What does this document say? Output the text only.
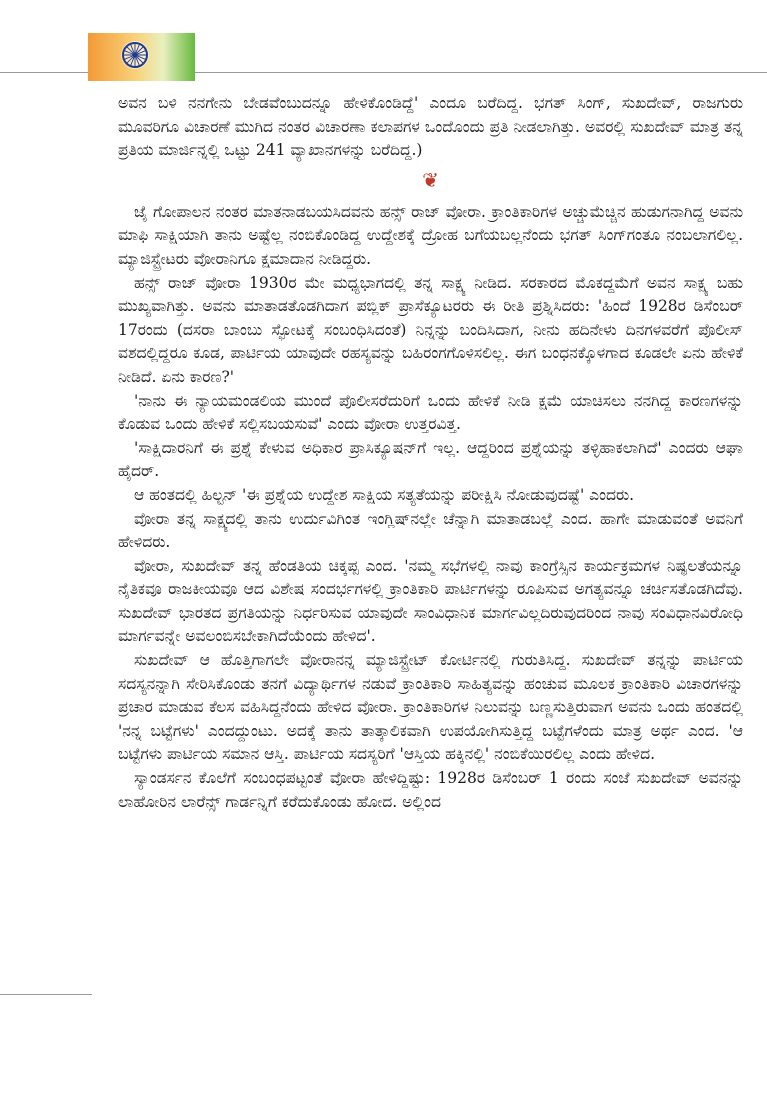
ಅವನ ಬಳಿ ನನಗೇನು ಬೇಡವೆಂಬುದನ್ನೂ ಹೇಳಿಕೊಂಡಿದ್ದೆ' ಎಂದೂ ಬರೆದಿದ್ದ. ಭಗತ್ ಸಿಂಗ್, ಸುಖದೇವ್, ರಾಜಗುರು ಮೂವರಿಗೂ ವಿಚಾರಣೆ ಮುಗಿದ ನಂತರ ವಿಚಾರಣಾ ಕಲಾಪಗಳ ಒಂದೊಂದು ಪ್ರತಿ ನೀಡಲಾಗಿತ್ತು. ಅವರಲ್ಲಿ ಸುಖದೇವ್ ಮಾತ್ರ ತನ್ನ ಪ್ರತಿಯ ಮಾರ್ಜಿನ್ನಲ್ಲಿ ಒಟ್ಟು 241 ವ್ಯಾಖಾನಗಳನ್ನು ಬರೆದಿದ್ದ.)

❦

ಜೈ ಗೋಪಾಲನ ನಂತರ ಮಾತನಾಡಬಯಸಿದವನು ಹನ್ಸ್ ರಾಜ್ ವೋರಾ. ಕ್ರಾಂತಿಕಾರಿಗಳ ಅಚ್ಚುಮೆಚ್ಚಿನ ಹುಡುಗನಾಗಿದ್ದ ಅವನು ಮಾಫಿ ಸಾಕ್ಷಿಯಾಗಿ ತಾನು ಅಷ್ಟೆಲ್ಲ ನಂಬಿಕೊಂಡಿದ್ದ ಉದ್ದೇಶಕ್ಕೆ ದ್ರೋಹ ಬಗೆಯಬಲ್ಲನೆಂದು ಭಗತ್ ಸಿಂಗ್‌ಗಂತೂ ನಂಬಲಾಗಲಿಲ್ಲ. ಮ್ಯಾಜಿಸ್ಟ್ರೇಟರು ವೋರಾನಿಗೂ ಕ್ಷಮಾದಾನ ನೀಡಿದ್ದರು.

ಹನ್ಸ್ ರಾಜ್ ವೋರಾ 1930ರ ಮೇ ಮಧ್ಯಭಾಗದಲ್ಲಿ ತನ್ನ ಸಾಕ್ಷ್ಯ ನೀಡಿದ. ಸರಕಾರದ ಮೊಕದ್ದಮೆಗೆ ಅವನ ಸಾಕ್ಷ್ಯ ಬಹು ಮುಖ್ಯವಾಗಿತ್ತು. ಅವನು ಮಾತಾಡತೊಡಗಿದಾಗ ಪಬ್ಲಿಕ್ ಪ್ರಾಸೆಕ್ಯೂಟರರು ಈ ರೀತಿ ಪ್ರಶ್ನಿಸಿದರು: 'ಹಿಂದೆ 1928ರ ಡಿಸೆಂಬರ್ 17ರಂದು (ದಸರಾ ಬಾಂಬು ಸ್ಫೋಟಕ್ಕೆ ಸಂಬಂಧಿಸಿದಂತೆ) ನಿನ್ನನ್ನು ಬಂದಿಸಿದಾಗ, ನೀನು ಹದಿನೇಳು ದಿನಗಳವರೆಗೆ ಪೊಲೀಸ್ ವಶದಲ್ಲಿದ್ದರೂ ಕೂಡ, ಪಾರ್ಟಿಯ ಯಾವುದೇ ರಹಸ್ಯವನ್ನು ಬಹಿರಂಗಗೊಳಿಸಲಿಲ್ಲ. ಈಗ ಬಂಧನಕ್ಕೊಳಗಾದ ಕೂಡಲೇ ಏನು ಹೇಳಿಕೆ ನೀಡಿದೆ. ಏನು ಕಾರಣ?'

'ನಾನು ಈ ನ್ಯಾಯಮಂಡಲಿಯ ಮುಂದೆ ಪೊಲೀಸರೆದುರಿಗೆ ಒಂದು ಹೇಳಿಕೆ ನೀಡಿ ಕ್ಷಮೆ ಯಾಚಿಸಲು ನನಗಿದ್ದ ಕಾರಣಗಳನ್ನು ಕೊಡುವ ಒಂದು ಹೇಳಿಕೆ ಸಲ್ಲಿಸಬಯಸುವೆ' ಎಂದು ವೋರಾ ಉತ್ತರವಿತ್ತ.

'ಸಾಕ್ಷಿದಾರನಿಗೆ ಈ ಪ್ರಶ್ನೆ ಕೇಳುವ ಅಧಿಕಾರ ಪ್ರಾಸಿಕ್ಯೂಷನ್‌ಗೆ ಇಲ್ಲ. ಆದ್ದರಿಂದ ಪ್ರಶ್ನೆಯನ್ನು ತಳ್ಳಿಹಾಕಲಾಗಿದೆ' ಎಂದರು ಆಘಾ ಹೈದರ್.

ಆ ಹಂತದಲ್ಲಿ ಹಿಲ್ಟನ್ 'ಈ ಪ್ರಶ್ನೆಯ ಉದ್ದೇಶ ಸಾಕ್ಷಿಯ ಸತ್ಯತೆಯನ್ನು ಪರೀಕ್ಷಿಸಿ ನೋಡುವುದಷ್ಟೆ' ಎಂದರು.

ವೋರಾ ತನ್ನ ಸಾಕ್ಷ್ಯದಲ್ಲಿ ತಾನು ಉರ್ದುವಿಗಿಂತ ಇಂಗ್ಲಿಷ್‌ನಲ್ಲೇ ಚೆನ್ನಾಗಿ ಮಾತಾಡಬಲ್ಲೆ ಎಂದ. ಹಾಗೇ ಮಾಡುವಂತೆ ಅವನಿಗೆ ಹೇಳಿದರು.

ವೋರಾ, ಸುಖದೇವ್ ತನ್ನ ಹೆಂಡತಿಯ ಚಿಕ್ಕಪ್ಪ ಎಂದ. 'ನಮ್ಮ ಸಭೆಗಳಲ್ಲಿ ನಾವು ಕಾಂಗ್ರೆಸ್ಸಿನ ಕಾರ್ಯಕ್ರಮಗಳ ನಿಷ್ಫಲತೆಯನ್ನೂ ನೈತಿಕವೂ ರಾಜಕೀಯವೂ ಆದ ವಿಶೇಷ ಸಂದರ್ಭಗಳಲ್ಲಿ ಕ್ರಾಂತಿಕಾರಿ ಪಾರ್ಟಿಗಳನ್ನು ರೂಪಿಸುವ ಅಗತ್ಯವನ್ನೂ ಚರ್ಚಿಸತೊಡಗಿದೆವು. ಸುಖದೇವ್ ಭಾರತದ ಪ್ರಗತಿಯನ್ನು ನಿರ್ಧರಿಸುವ ಯಾವುದೇ ಸಾಂವಿಧಾನಿಕ ಮಾರ್ಗವಿಲ್ಲದಿರುವುದರಿಂದ ನಾವು ಸಂವಿಧಾನವಿರೋಧಿ ಮಾರ್ಗವನ್ನೇ ಅವಲಂಬಿಸಬೇಕಾಗಿದೆಯೆಂದು ಹೇಳಿದ'.

ಸುಖದೇವ್ ಆ ಹೊತ್ತಿಗಾಗಲೇ ವೋರಾನನ್ನ ಮ್ಯಾಜಿಸ್ಟ್ರೇಟ್ ಕೋರ್ಟಿನಲ್ಲಿ ಗುರುತಿಸಿದ್ದ. ಸುಖದೇವ್ ತನ್ನನ್ನು ಪಾರ್ಟಿಯ ಸದಸ್ಯನನ್ನಾಗಿ ಸೇರಿಸಿಕೊಂಡು ತನಗೆ ವಿದ್ಯಾರ್ಥಿಗಳ ನಡುವೆ ಕ್ರಾಂತಿಕಾರಿ ಸಾಹಿತ್ಯವನ್ನು ಹಂಚುವ ಮೂಲಕ ಕ್ರಾಂತಿಕಾರಿ ವಿಚಾರಗಳನ್ನು ಪ್ರಚಾರ ಮಾಡುವ ಕೆಲಸ ವಹಿಸಿದ್ದನೆಂದು ಹೇಳಿದ ವೋರಾ. ಕ್ರಾಂತಿಕಾರಿಗಳ ನಿಲುವನ್ನು ಬಣ್ಣಸುತ್ತಿರುವಾಗ ಅವನು ಒಂದು ಹಂತದಲ್ಲಿ 'ನನ್ನ ಬಟ್ಟೆಗಳು' ಎಂದದ್ದುಂಟು. ಅದಕ್ಕೆ ತಾನು ತಾತ್ಕಾಲಿಕವಾಗಿ ಉಪಯೋಗಿಸುತ್ತಿದ್ದ ಬಟ್ಟೆಗಳೆಂದು ಮಾತ್ರ ಅರ್ಥ ಎಂದ. 'ಆ ಬಟ್ಟೆಗಳು ಪಾರ್ಟಿಯ ಸಮಾನ ಆಸ್ತಿ. ಪಾರ್ಟಿಯ ಸದಸ್ಯರಿಗೆ 'ಆಸ್ತಿಯ ಹಕ್ಕಿನಲ್ಲಿ' ನಂಬಿಕೆಯಿರಲಿಲ್ಲ ಎಂದು ಹೇಳಿದ.

ಸ್ಯಾಂಡರ್ಸನ ಕೊಲೆಗೆ ಸಂಬಂಧಪಟ್ಟಂತೆ ವೋರಾ ಹೇಳಿದ್ದಿಷ್ಟು: 1928ರ ಡಿಸೆಂಬರ್ 1 ರಂದು ಸಂಜೆ ಸುಖದೇವ್ ಅವನನ್ನು ಲಾಹೋರಿನ ಲಾರೆನ್ಸ್ ಗಾರ್ಡನ್ನಿಗೆ ಕರೆದುಕೊಂಡು ಹೋದ. ಅಲ್ಲಿಂದ
